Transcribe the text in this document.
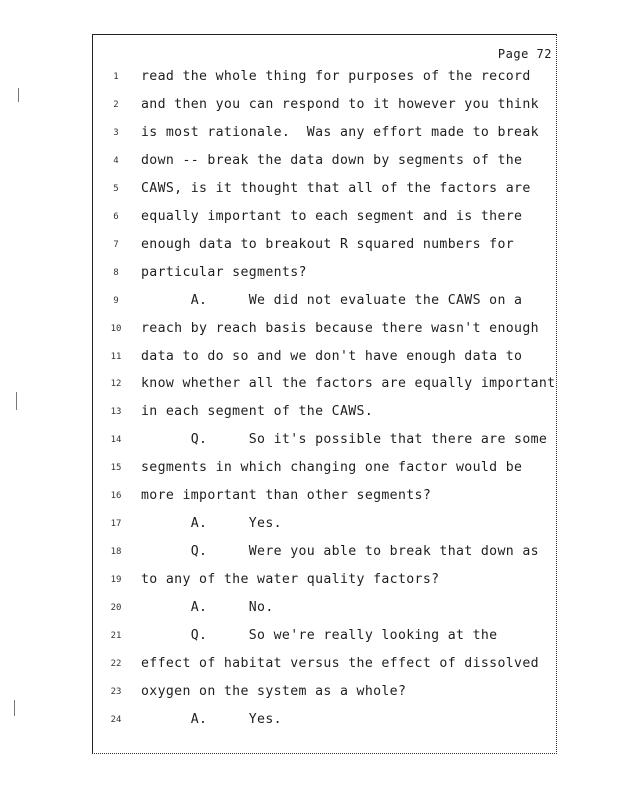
Page 72
1	read the whole thing for purposes of the record
2	and then you can respond to it however you think
3	is most rationale.  Was any effort made to break
4	down -- break the data down by segments of the
5	CAWS, is it thought that all of the factors are
6	equally important to each segment and is there
7	enough data to breakout R squared numbers for
8	particular segments?
9	A.     We did not evaluate the CAWS on a
10 reach by reach basis because there wasn't enough
11 data to do so and we don't have enough data to
12 know whether all the factors are equally important
13 in each segment of the CAWS.
14 Q.     So it's possible that there are some
15 segments in which changing one factor would be
16 more important than other segments?
17 A.     Yes.
18 Q.     Were you able to break that down as
19 to any of the water quality factors?
20 A.     No.
21 Q.     So we're really looking at the
22 effect of habitat versus the effect of dissolved
23 oxygen on the system as a whole?
24 A.     Yes.
